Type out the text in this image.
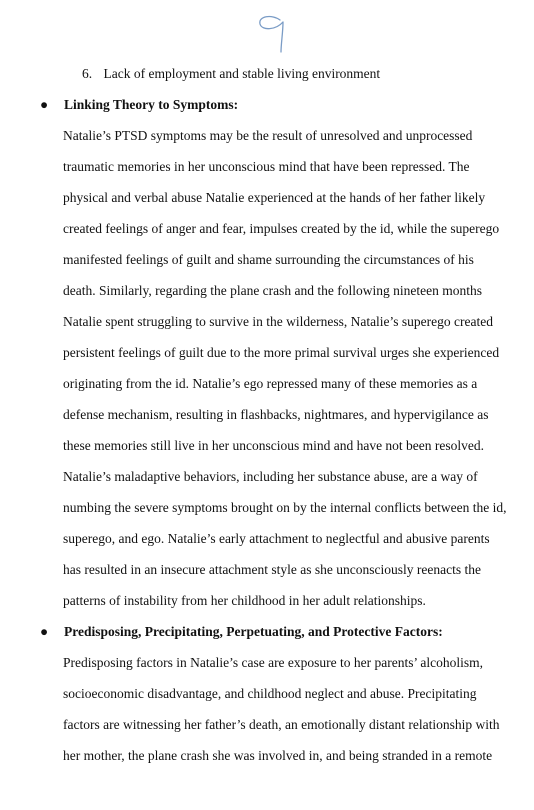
6. Lack of employment and stable living environment
● Linking Theory to Symptoms:
Natalie’s PTSD symptoms may be the result of unresolved and unprocessed
traumatic memories in her unconscious mind that have been repressed. The
physical and verbal abuse Natalie experienced at the hands of her father likely
created feelings of anger and fear, impulses created by the id, while the superego
manifested feelings of guilt and shame surrounding the circumstances of his
death. Similarly, regarding the plane crash and the following nineteen months
Natalie spent struggling to survive in the wilderness, Natalie’s superego created
persistent feelings of guilt due to the more primal survival urges she experienced
originating from the id. Natalie’s ego repressed many of these memories as a
defense mechanism, resulting in flashbacks, nightmares, and hypervigilance as
these memories still live in her unconscious mind and have not been resolved.
Natalie’s maladaptive behaviors, including her substance abuse, are a way of
numbing the severe symptoms brought on by the internal conflicts between the id,
superego, and ego. Natalie’s early attachment to neglectful and abusive parents
has resulted in an insecure attachment style as she unconsciously reenacts the
patterns of instability from her childhood in her adult relationships.
● Predisposing, Precipitating, Perpetuating, and Protective Factors:
Predisposing factors in Natalie’s case are exposure to her parents’ alcoholism,
socioeconomic disadvantage, and childhood neglect and abuse. Precipitating
factors are witnessing her father’s death, an emotionally distant relationship with
her mother, the plane crash she was involved in, and being stranded in a remote
